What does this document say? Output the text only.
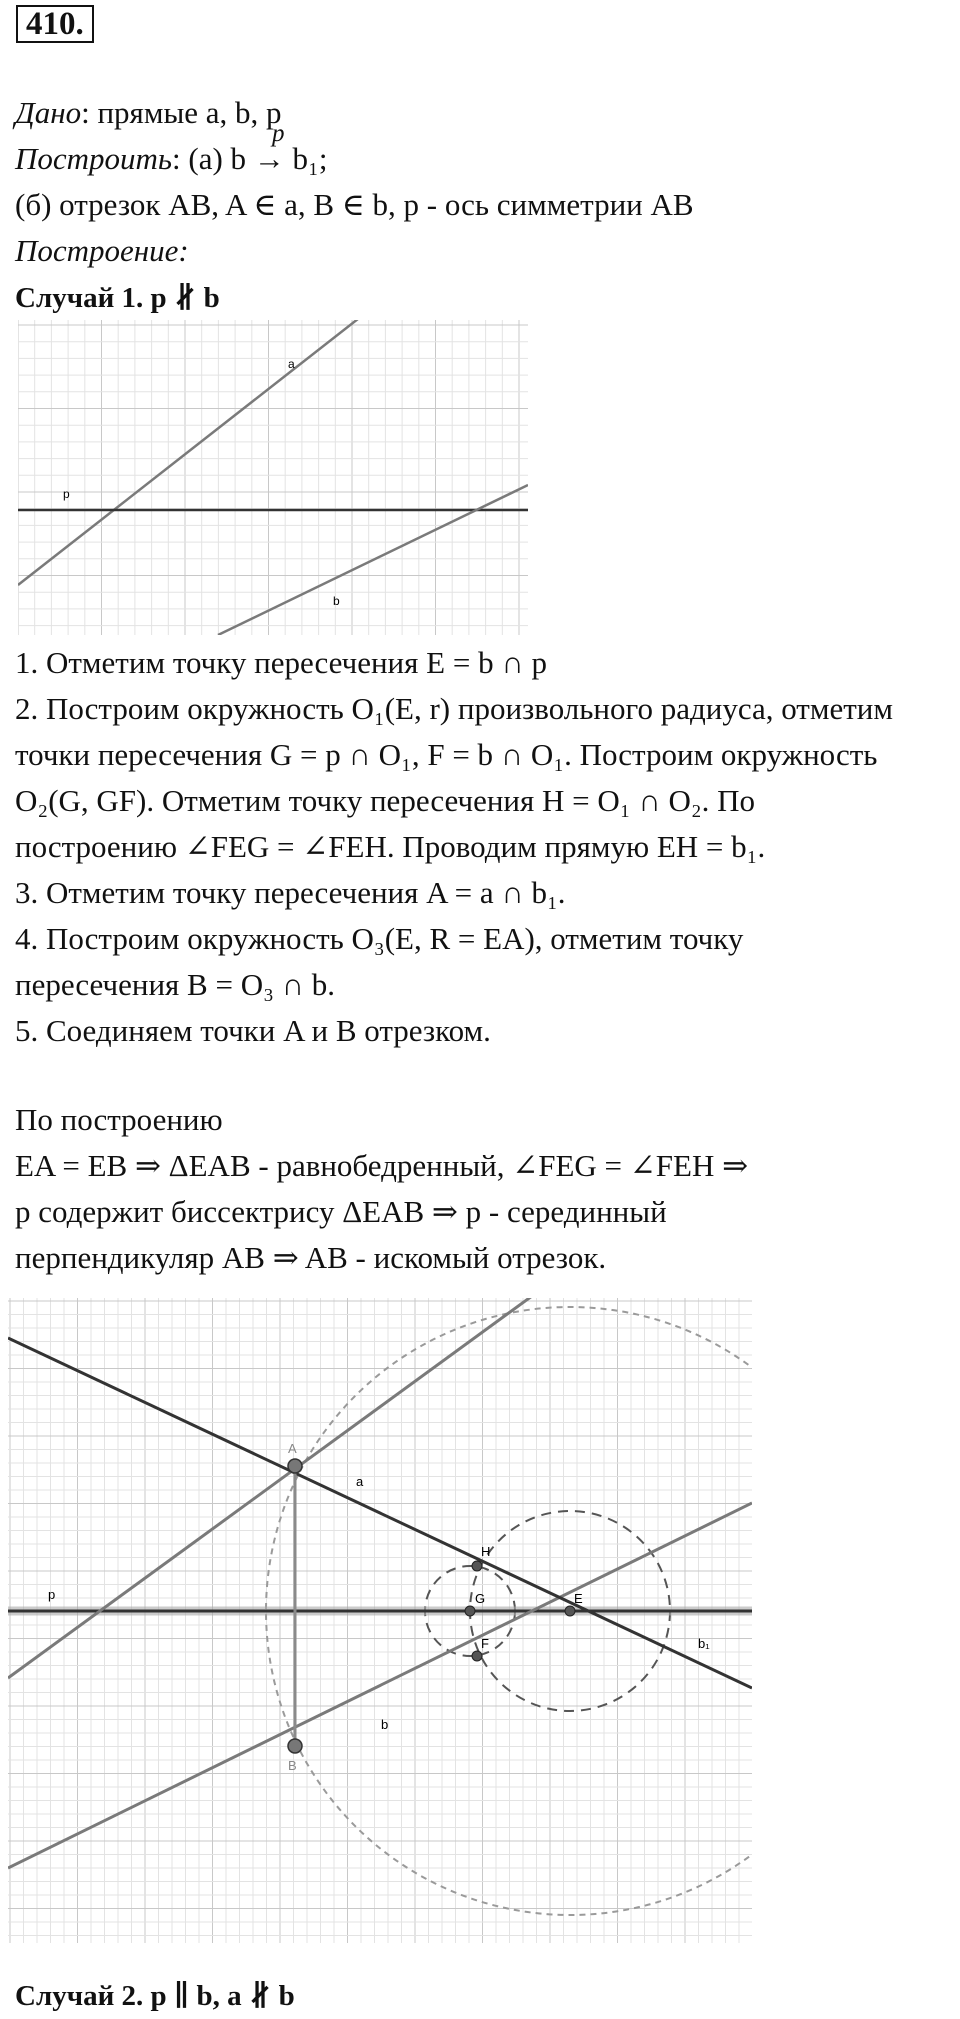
410.
Дано: прямые a, b, p
Построить: (а) b → b₁;
p
(б) отрезок AB, A ∈ a, B ∈ b, p - ось симметрии AB
Построение:
Случай 1. p ∦ b
a
p
b
1. Отметим точку пересечения E = b ∩ p
2. Построим окружность O₁(E, r) произвольного радиуса, отметим
точки пересечения G = p ∩ O₁, F = b ∩ O₁. Построим окружность
O₂(G, GF). Отметим точку пересечения H = O₁ ∩ O₂. По
построению ∠FEG = ∠FEH. Проводим прямую EH = b₁.
3. Отметим точку пересечения A = a ∩ b₁.
4. Построим окружность O₃(E, R = EA), отметим точку
пересечения B = O₃ ∩ b.
5. Соединяем точки A и B отрезком.
По построению
EA = EB ⇒ ΔEAB - равнобедренный, ∠FEG = ∠FEH ⇒
p содержит биссектрису ΔEAB ⇒ p - серединный
перпендикуляр AB ⇒ AB - искомый отрезок.
A
B
E
G
H
F
a
b
p
b₁
Случай 2. p ∥ b, a ∦ b
